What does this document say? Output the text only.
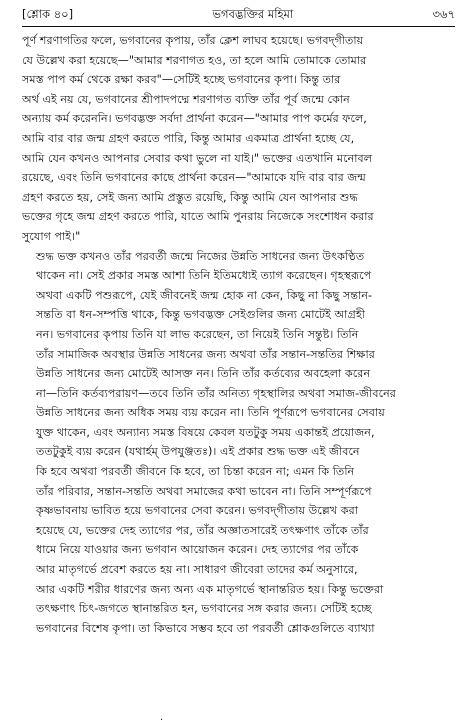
[শ্লোক ৪০]	ভগবদ্ভক্তির মহিমা	৩৬৭

পূর্ণ শরণাগতির ফলে, ভগবানের কৃপায়, তাঁর ক্লেশ লাঘব হয়েছে। ভগবদ্‌গীতায়
যে উল্লেখ করা হয়েছে—"আমার শরণাগত হও, তা হলে আমি তোমাকে তোমার
সমস্ত পাপ কর্ম থেকে রক্ষা করব"—সেটিই হচ্ছে ভগবানের কৃপা। কিন্তু তার
অর্থ এই নয় যে, ভগবানের শ্রীপাদপদ্মে শরণাগত ব্যক্তি তাঁর পূর্ব জন্মে কোন
অন্যায় কর্ম করেননি। ভগবদ্ভক্ত সর্বদা প্রার্থনা করেন—"আমার পাপ কর্মের ফলে,
আমি বার বার জন্ম গ্রহণ করতে পারি, কিন্তু আমার একমাত্র প্রার্থনা হচ্ছে যে,
আমি যেন কখনও আপনার সেবার কথা ভুলে না যাই।" ভক্তের এতখানি মনোবল
রয়েছে, এবং তিনি ভগবানের কাছে প্রার্থনা করেন—"আমাকে যদি বার বার জন্ম
গ্রহণ করতে হয়, সেই জন্য আমি প্রস্তুত রয়েছি, কিন্তু আমি যেন আপনার শুদ্ধ
ভক্তের গৃহে জন্ম গ্রহণ করতে পারি, যাতে আমি পুনরায় নিজেকে সংশোধন করার
সুযোগ পাই।"

শুদ্ধ ভক্ত কখনও তাঁর পরবর্তী জন্মে নিজের উন্নতি সাধনের জন্য উৎকণ্ঠিত
থাকেন না। সেই প্রকার সমস্ত আশা তিনি ইতিমধ্যেই ত্যাগ করেছেন। গৃহস্থরূপে
অথবা একটি পশুরূপে, যেই জীবনেই জন্ম হোক না কেন, কিছু না কিছু সন্তান-
সন্ততি বা ধন-সম্পত্তি থাকে, কিন্তু ভগবদ্ভক্ত সেইগুলির জন্য মোটেই আগ্রহী
নন। ভগবানের কৃপায় তিনি যা লাভ করেছেন, তা নিয়েই তিনি সন্তুষ্ট। তিনি
তাঁর সামাজিক অবস্থার উন্নতি সাধনের জন্য অথবা তাঁর সন্তান-সন্ততির শিক্ষার
উন্নতি সাধনের জন্য মোটেই আসক্ত নন। তিনি তাঁর কর্তব্যের অবহেলা করেন
না—তিনি কর্তব্যপরায়ণ—তবে তিনি তাঁর অনিত্য গৃহস্থালির অথবা সমাজ-জীবনের
উন্নতি সাধনের জন্য অধিক সময় ব্যয় করেন না। তিনি পূর্ণরূপে ভগবানের সেবায়
যুক্ত থাকেন, এবং অন্যান্য সমস্ত বিষয়ে কেবল যতটুকু সময় একান্তই প্রয়োজন,
ততটুকুই ব্যয় করেন (যথার্হম্ উপযুঞ্জতঃ)। এই প্রকার শুদ্ধ ভক্ত এই জীবনে
কি হবে অথবা পরবর্তী জীবনে কি হবে, তা চিন্তা করেন না; এমন কি তিনি
তাঁর পরিবার, সন্তান-সন্ততি অথবা সমাজের কথা ভাবেন না। তিনি সম্পূর্ণরূপে
কৃষ্ণভাবনায় ভাবিত হয়ে ভগবানের সেবা করেন। ভগবদ্‌গীতায় উল্লেখ করা
হয়েছে যে, ভক্তের দেহ ত্যাগের পর, তাঁর অজ্ঞাতসারেই তৎক্ষণাৎ তাঁকে তাঁর
ধামে নিয়ে যাওয়ার জন্য ভগবান আয়োজন করেন। দেহ ত্যাগের পর তাঁকে
আর মাতৃগর্ভে প্রবেশ করতে হয় না। সাধারণ জীবেরা তাদের কর্ম অনুসারে,
আর একটি শরীর ধারণের জন্য অন্য এক মাতৃগর্ভে স্থানান্তরিত হয়। কিন্তু ভক্তেরা
তৎক্ষণাৎ চিৎ-জগতে স্থানান্তরিত হন, ভগবানের সঙ্গ করার জন্য। সেটিই হচ্ছে
ভগবানের বিশেষ কৃপা। তা কিভাবে সম্ভব হবে তা পরবর্তী শ্লোকগুলিতে ব্যাখ্যা

.
